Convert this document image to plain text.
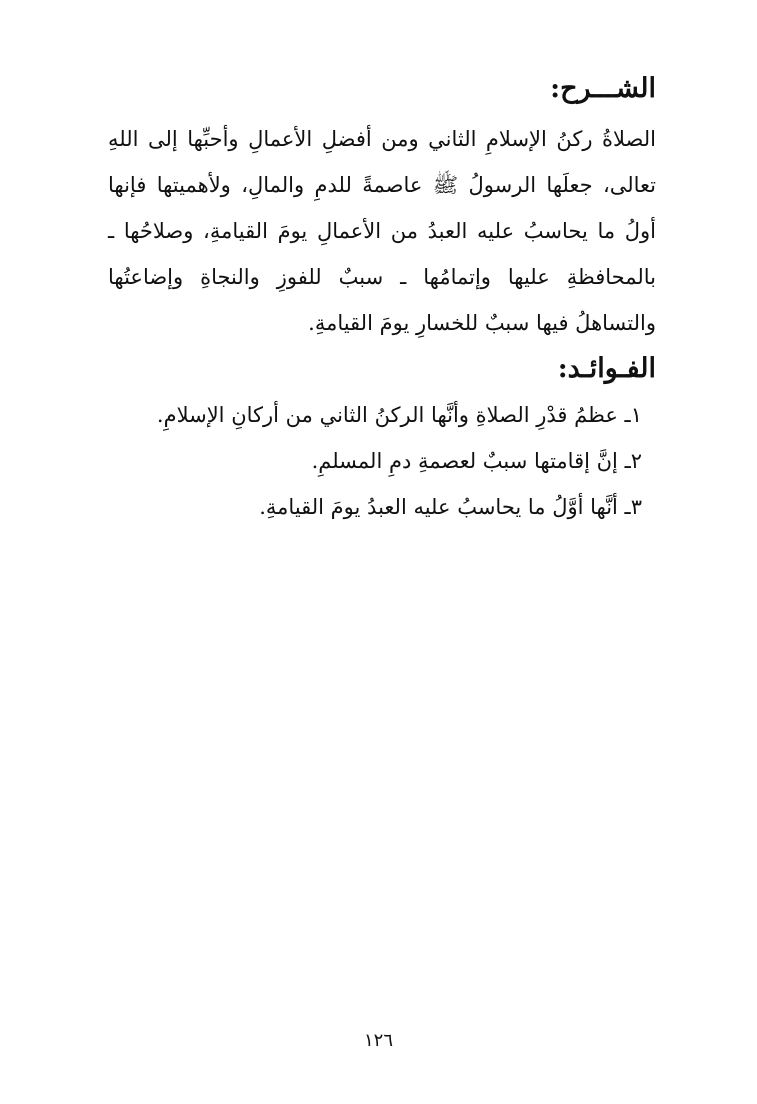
الشـــرح:

الصلاةُ ركنُ الإسلامِ الثاني ومن أفضلِ الأعمالِ وأحبِّها إلى اللهِ تعالى، جعلَها الرسولُ ﷺ عاصمةً للدمِ والمالِ، ولأهميتها فإنها أولُ ما يحاسبُ عليه العبدُ من الأعمالِ يومَ القيامةِ، وصلاحُها ـ بالمحافظةِ عليها وإتمامُها ـ سببٌ للفوزِ والنجاةِ وإضاعتُها والتساهلُ فيها سببٌ للخسارِ يومَ القيامةِ.

الفـوائـد:
١ـ عظمُ قدْرِ الصلاةِ وأنَّها الركنُ الثاني من أركانِ الإسلامِ.
٢ـ إنَّ إقامتها سببٌ لعصمةِ دمِ المسلمِ.
٣ـ أنَّها أوَّلُ ما يحاسبُ عليه العبدُ يومَ القيامةِ.
١٢٦
